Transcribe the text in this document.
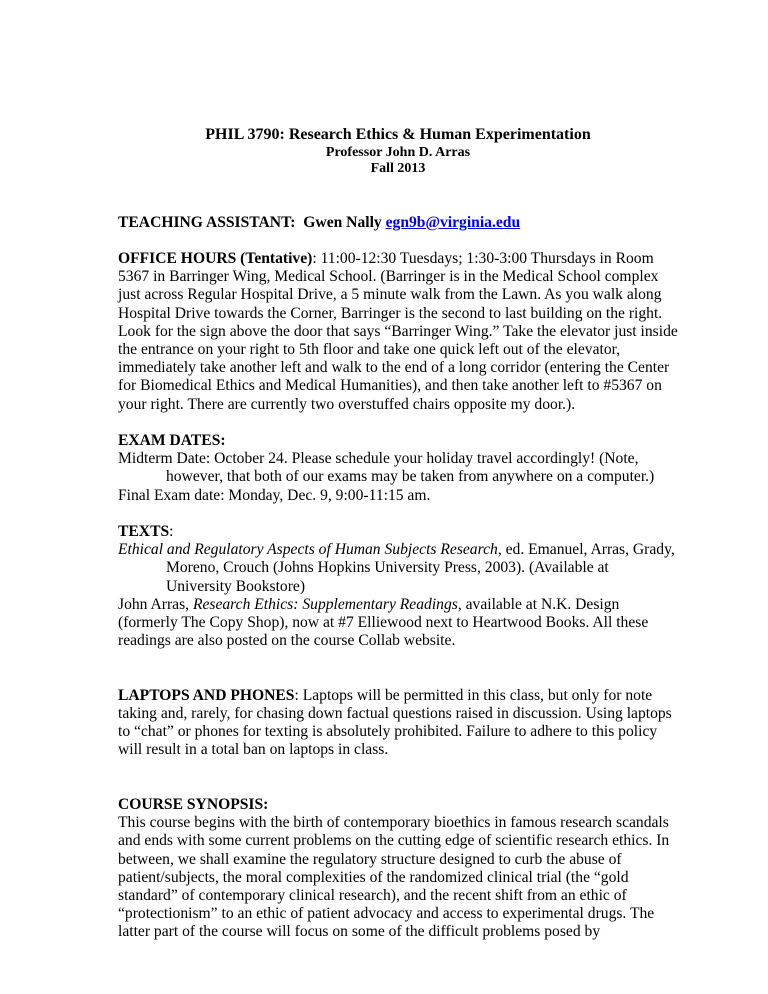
PHIL 3790: Research Ethics & Human Experimentation
Professor John D. Arras
Fall 2013

TEACHING ASSISTANT: Gwen Nally egn9b@virginia.edu

OFFICE HOURS (Tentative): 11:00-12:30 Tuesdays; 1:30-3:00 Thursdays in Room 5367 in Barringer Wing, Medical School. (Barringer is in the Medical School complex just across Regular Hospital Drive, a 5 minute walk from the Lawn. As you walk along Hospital Drive towards the Corner, Barringer is the second to last building on the right. Look for the sign above the door that says “Barringer Wing.” Take the elevator just inside the entrance on your right to 5th floor and take one quick left out of the elevator, immediately take another left and walk to the end of a long corridor (entering the Center for Biomedical Ethics and Medical Humanities), and then take another left to #5367 on your right. There are currently two overstuffed chairs opposite my door.).

EXAM DATES:

Midterm Date: October 24. Please schedule your holiday travel accordingly! (Note,

however, that both of our exams may be taken from anywhere on a computer.)

Final Exam date: Monday, Dec. 9, 9:00-11:15 am.

TEXTS:

Ethical and Regulatory Aspects of Human Subjects Research, ed. Emanuel, Arras, Grady, Moreno, Crouch (Johns Hopkins University Press, 2003). (Available at University Bookstore)

John Arras, Research Ethics: Supplementary Readings, available at N.K. Design (formerly The Copy Shop), now at #7 Elliewood next to Heartwood Books. All these readings are also posted on the course Collab website.

LAPTOPS AND PHONES: Laptops will be permitted in this class, but only for note taking and, rarely, for chasing down factual questions raised in discussion. Using laptops to “chat” or phones for texting is absolutely prohibited. Failure to adhere to this policy will result in a total ban on laptops in class.

COURSE SYNOPSIS:

This course begins with the birth of contemporary bioethics in famous research scandals and ends with some current problems on the cutting edge of scientific research ethics. In between, we shall examine the regulatory structure designed to curb the abuse of patient/subjects, the moral complexities of the randomized clinical trial (the “gold standard” of contemporary clinical research), and the recent shift from an ethic of “protectionism” to an ethic of patient advocacy and access to experimental drugs. The latter part of the course will focus on some of the difficult problems posed by
